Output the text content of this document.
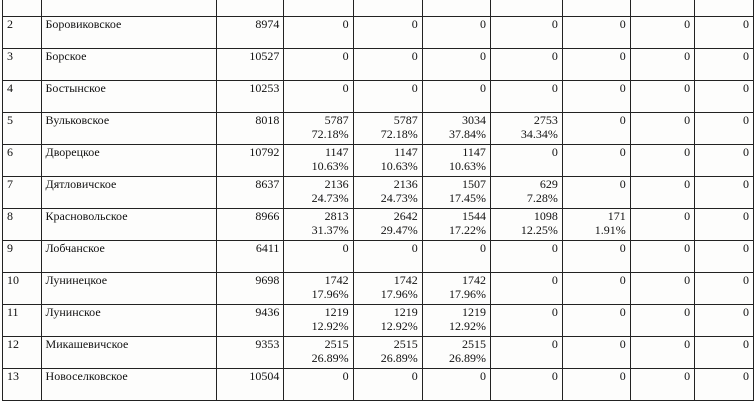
2	Боровиковское	8974	0	0	0	0	0	0	0

3	Борское	10527	0	0	0	0	0	0	0

4	Бостынское	10253	0	0	0	0	0	0	0

5	Вульковское	8018	5787
72.18%	5787
72.18%	3034
37.84%	2753
34.34%	0	0	0

6	Дворецкое	10792	1147
10.63%	1147
10.63%	1147
10.63%	0	0	0	0

7	Дятловичское	8637	2136
24.73%	2136
24.73%	1507
17.45%	629
7.28%	0	0	0

8	Красновольское	8966	2813
31.37%	2642
29.47%	1544
17.22%	1098
12.25%	171
1.91%	0	0

9	Лобчанское	6411	0	0	0	0	0	0	0

10	Лунинецкое	9698	1742
17.96%	1742
17.96%	1742
17.96%	0	0	0	0

11	Лунинское	9436	1219
12.92%	1219
12.92%	1219
12.92%	0	0	0	0

12	Микашевичское	9353	2515
26.89%	2515
26.89%	2515
26.89%	0	0	0	0

13	Новоселковское	10504	0	0	0	0	0	0	0
